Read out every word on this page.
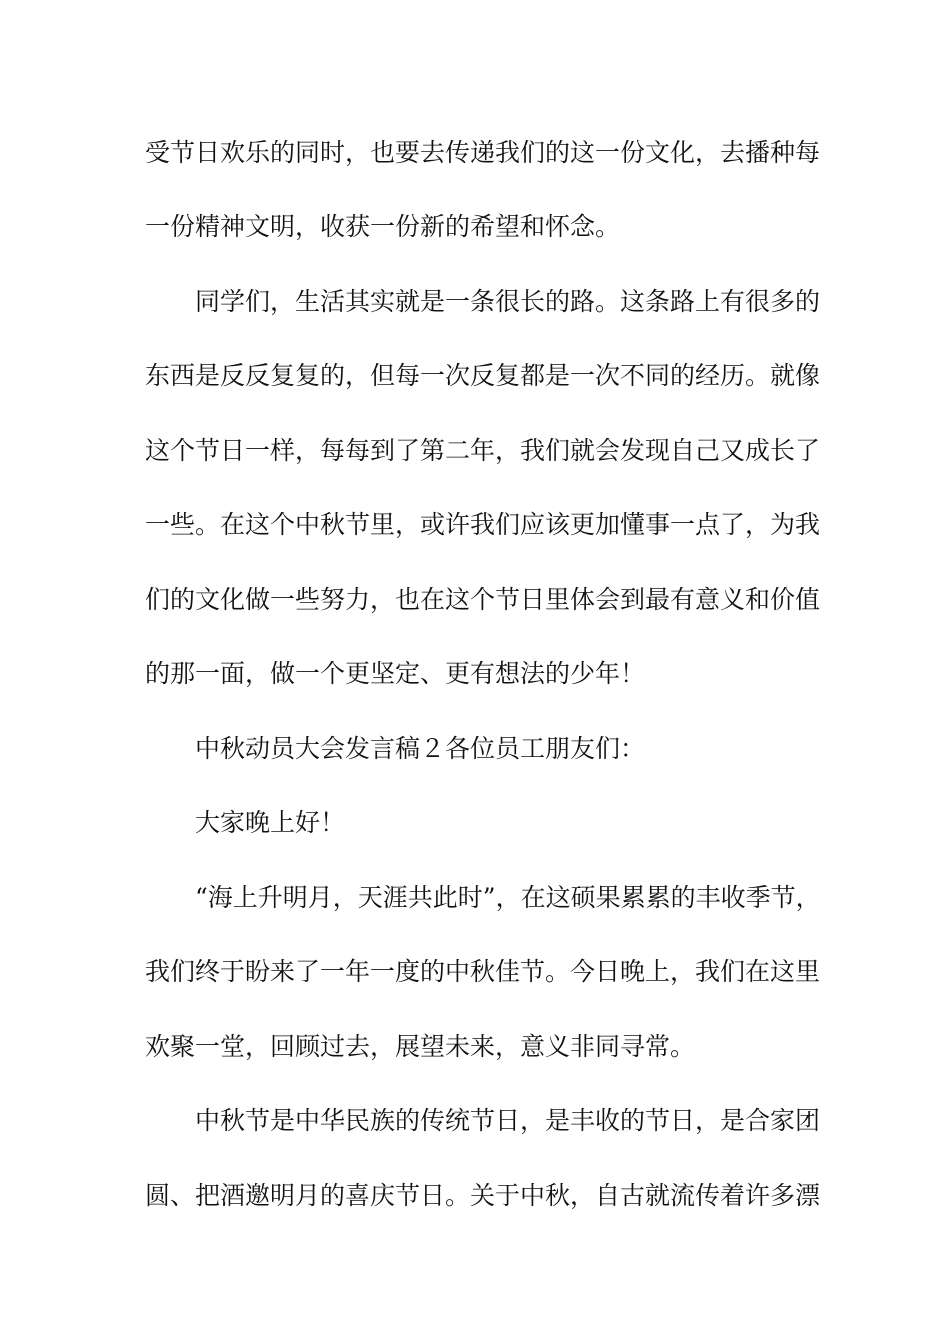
受节日欢乐的同时，也要去传递我们的这一份文化，去播种每
一份精神文明，收获一份新的希望和怀念。
同学们，生活其实就是一条很长的路。这条路上有很多的
东西是反反复复的，但每一次反复都是一次不同的经历。就像
这个节日一样，每每到了第二年，我们就会发现自己又成长了
一些。在这个中秋节里，或许我们应该更加懂事一点了，为我
们的文化做一些努力，也在这个节日里体会到最有意义和价值
的那一面，做一个更坚定、更有想法的少年！
中秋动员大会发言稿２各位员工朋友们：
大家晚上好！
“海上升明月，天涯共此时”，在这硕果累累的丰收季节，
我们终于盼来了一年一度的中秋佳节。今日晚上，我们在这里
欢聚一堂，回顾过去，展望未来，意义非同寻常。
中秋节是中华民族的传统节日，是丰收的节日，是合家团
圆、把酒邀明月的喜庆节日。关于中秋，自古就流传着许多漂
